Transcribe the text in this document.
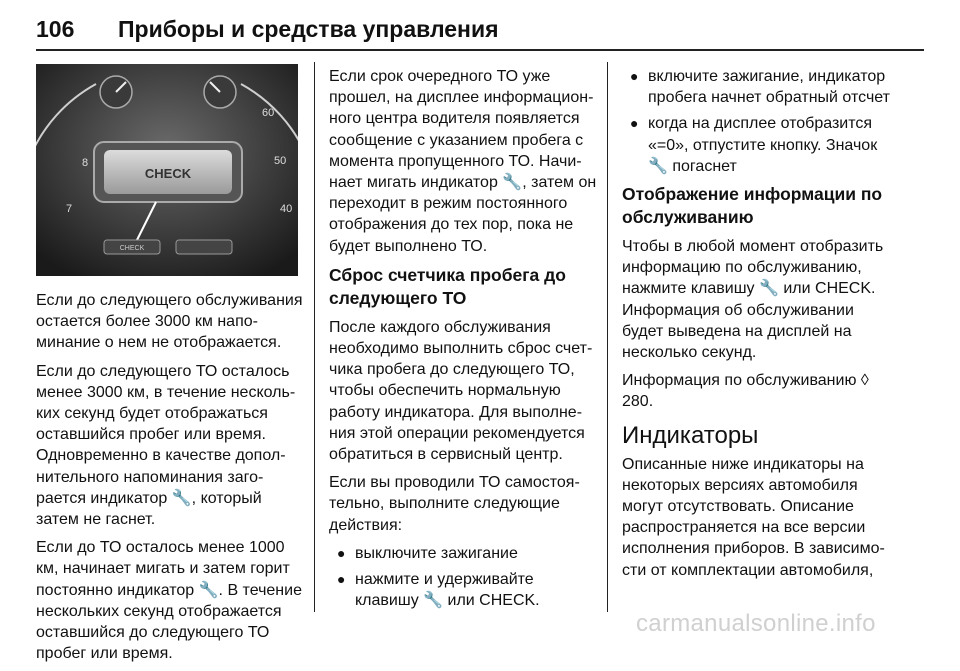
106 Приборы и средства управления
8
7
60
50
40
CHECK
CHECK

Если до следующего обслуживания остается более 3000 км напоминание о нем не отображается.

Если до следующего ТО осталось менее 3000 км, в течение нескольких секунд будет отображаться оставшийся пробег или время. Одновременно в качестве дополнительного напоминания загорается индикатор 🔧, который затем не гаснет.

Если до ТО осталось менее 1000 км, начинает мигать и затем горит постоянно индикатор 🔧. В течение нескольких секунд отображается оставшийся до следующего ТО пробег или время.

Если срок очередного ТО уже прошел, на дисплее информационного центра водителя появляется сообщение с указанием пробега с момента пропущенного ТО. Начинает мигать индикатор 🔧, затем он переходит в режим постоянного отображения до тех пор, пока не будет выполнено ТО.

Сброс счетчика пробега до следующего ТО

После каждого обслуживания необходимо выполнить сброс счетчика пробега до следующего ТО, чтобы обеспечить нормальную работу индикатора. Для выполнения этой операции рекомендуется обратиться в сервисный центр.

Если вы проводили ТО самостоятельно, выполните следующие действия:

● выключите зажигание
● нажмите и удерживайте клавишу 🔧 или CHECK.
● включите зажигание, индикатор пробега начнет обратный отсчет
● когда на дисплее отобразится «=0», отпустите кнопку. Значок 🔧 погаснет
Отображение информации по обслуживанию

Чтобы в любой момент отобразить информацию по обслуживанию, нажмите клавишу 🔧 или CHECK. Информация об обслуживании будет выведена на дисплей на несколько секунд.

Информация по обслуживанию ◊ 280.

Индикаторы

Описанные ниже индикаторы на некоторых версиях автомобиля могут отсутствовать. Описание распространяется на все версии исполнения приборов. В зависимости от комплектации автомобиля,

carmanualsonline.info
